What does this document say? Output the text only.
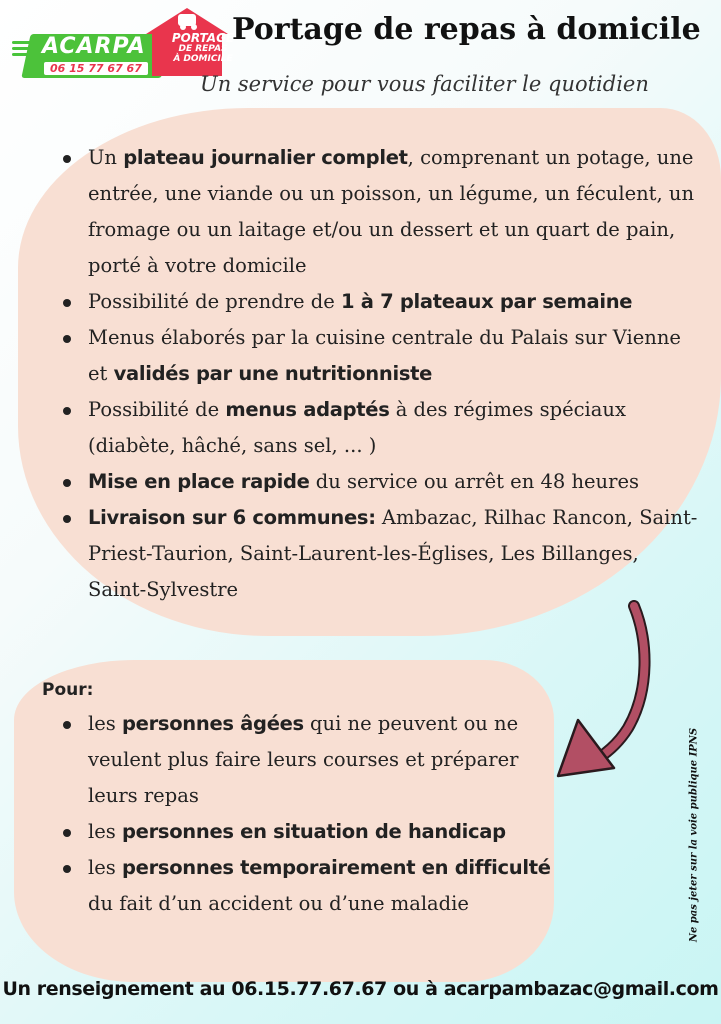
ACARPA
06 15 77 67 67
PORTAGE
DE REPAS
À DOMICILE
Portage de repas à domicile

Un service pour vous faciliter le quotidien

Un plateau journalier complet, comprenant un potage, une entrée, une viande ou un poisson, un légume, un féculent, un fromage ou un laitage et/ou un dessert et un quart de pain, porté à votre domicile
Possibilité de prendre de 1 à 7 plateaux par semaine
Menus élaborés par la cuisine centrale du Palais sur Vienne et validés par une nutritionniste
Possibilité de menus adaptés à des régimes spéciaux (diabète, hâché, sans sel, ... )
Mise en place rapide du service ou arrêt en 48 heures
Livraison sur 6 communes: Ambazac, Rilhac Rancon, Saint-Priest-Taurion, Saint-Laurent-les-Églises, Les Billanges, Saint-Sylvestre

Pour:

les personnes âgées qui ne peuvent ou ne veulent plus faire leurs courses et préparer leurs repas
les personnes en situation de handicap
les personnes temporairement en difficulté du fait d’un accident ou d’une maladie	Ne pas jeter sur la voie publique IPNS

Un renseignement au 06.15.77.67.67 ou à acarpambazac@gmail.com
